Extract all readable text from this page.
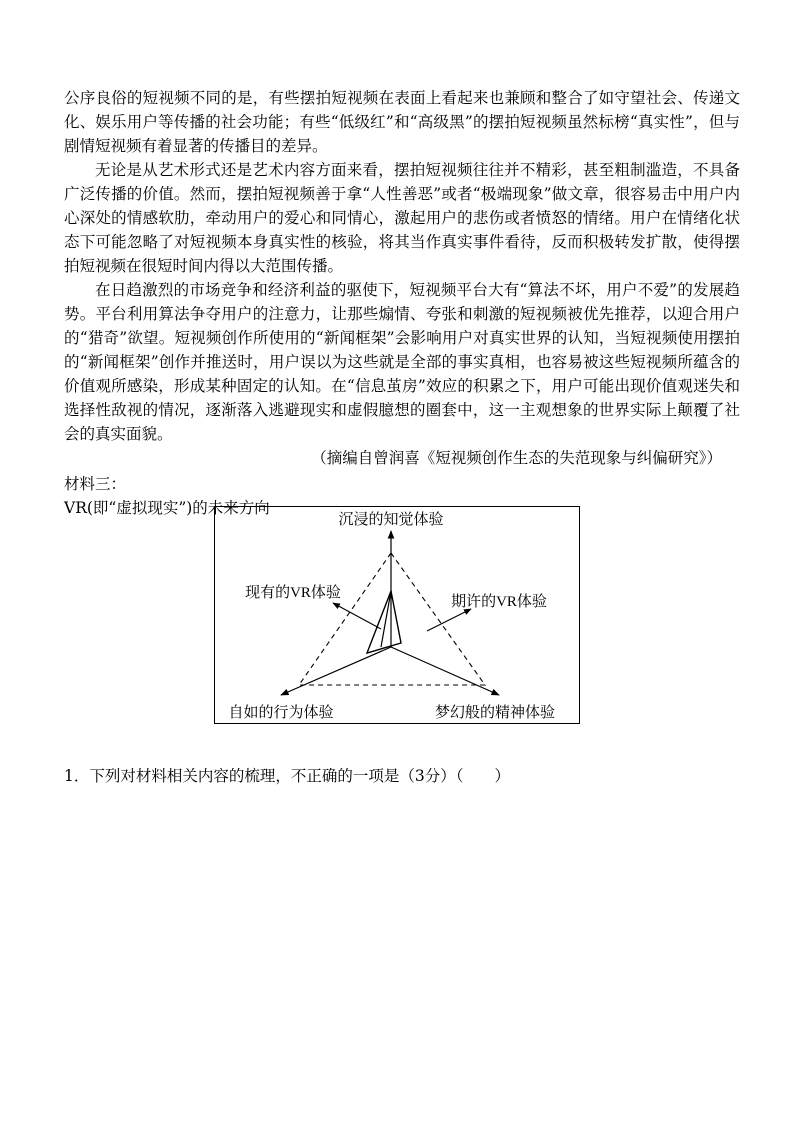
公序良俗的短视频不同的是，有些摆拍短视频在表面上看起来也兼顾和整合了如守望社会、传递文化、娱乐用户等传播的社会功能；有些“低级红”和“高级黑”的摆拍短视频虽然标榜“真实性”，但与剧情短视频有着显著的传播目的差异。

无论是从艺术形式还是艺术内容方面来看，摆拍短视频往往并不精彩，甚至粗制滥造，不具备广泛传播的价值。然而，摆拍短视频善于拿“人性善恶”或者“极端现象”做文章，很容易击中用户内心深处的情感软肋，牵动用户的爱心和同情心，激起用户的悲伤或者愤怒的情绪。用户在情绪化状态下可能忽略了对短视频本身真实性的核验，将其当作真实事件看待，反而积极转发扩散，使得摆拍短视频在很短时间内得以大范围传播。

在日趋激烈的市场竞争和经济利益的驱使下，短视频平台大有“算法不坏，用户不爱”的发展趋势。平台利用算法争夺用户的注意力，让那些煽情、夸张和刺激的短视频被优先推荐，以迎合用户的“猎奇”欲望。短视频创作所使用的“新闻框架”会影响用户对真实世界的认知，当短视频使用摆拍的“新闻框架”创作并推送时，用户误以为这些就是全部的事实真相，也容易被这些短视频所蕴含的价值观所感染，形成某种固定的认知。在“信息茧房”效应的积累之下，用户可能出现价值观迷失和选择性敌视的情况，逐渐落入逃避现实和虚假臆想的圈套中，这一主观想象的世界实际上颠覆了社会的真实面貌。

（摘编自曾润喜《短视频创作生态的失范现象与纠偏研究》）

材料三：

VR(即“虚拟现实”)的未来方向

沉浸的知觉体验
现有的VR体验
期许的VR体验
自如的行为体验	梦幻般的精神体验

1．下列对材料相关内容的梳理，不正确的一项是（3分）（　　）
